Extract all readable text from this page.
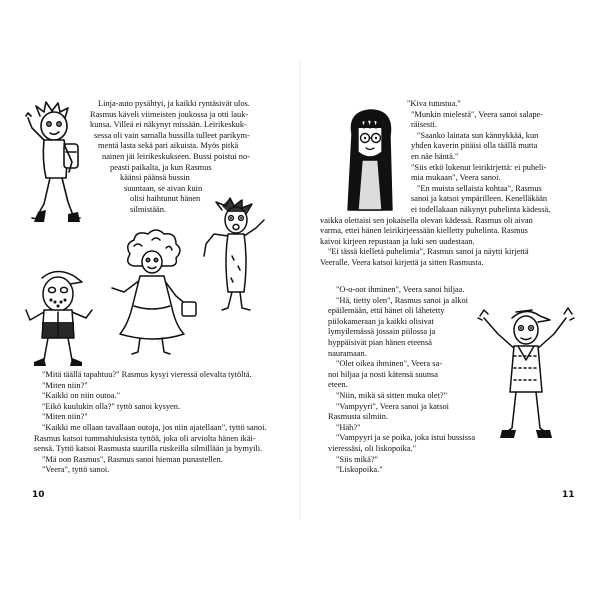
Linja-auto pysähtyi, ja kaikki ryntäsivät ulos.

Rasmus käveli viimeisten joukossa ja otti lauk-

kunsa. Villeä ei näkynyt missään. Leirikeskuk-

sessa oli vain samalla bussilla tulleet parikym-

mentä lasta sekä pari aikuista. Myös pitkä

nainen jäi leirikeskukseen. Bussi poistui no-

peasti paikalta, ja kun Rasmus

käänsi päänsä bussin

suuntaan, se aivan kuin

olisi haihtunut hänen

silmistään.

"Mitä täällä tapahtuu?" Rasmus kysyi vieressä olevalta tytöltä.

"Miten niin?"

"Kaikki on niin outoa."

"Eikö kuulukin olla?" tyttö sanoi kysyen.

"Miten niin?"

"Kaikki me ollaan tavallaan outoja, jos niin ajatellaan", tyttö sanoi.

Rasmus katsoi tummahiuksista tyttöä, joka oli arviolta hänen ikäi-

sensä. Tyttö katsoi Rasmusta suurilla ruskeilla silmillään ja hymyili.

"Mä oon Rasmus", Rasmus sanoi hieman punastellen.

"Veera", tyttö sanoi.

10

"Kiva tutustua."

"Munkin mielestä", Veera sanoi salape-

räisesti.

"Saanko lainata sun kännykkää, kun

yhden kaverin pitäisi olla täällä mutta

en näe häntä."

"Siis etkö lukenut leirikirjettä: ei puheli-

mia mukaan", Veera sanoi.

"En muista sellaista kohtaa", Rasmus

sanoi ja katsoi ympärilleen. Kenelläkään

ei todellakaan näkynyt puhelinta kädessä,

vaikka olettaisi sen jokaisella olevan kädessä. Rasmus oli aivan

varma, ettei hänen leirikirjeessään kielletty puhelinta. Rasmus

kaivoi kirjeen repustaan ja luki sen uudestaan.

"Ei tässä kielletä puhelimia", Rasmus sanoi ja näytti kirjettä

Veeralle. Veera katsoi kirjettä ja sitten Rasmusta.

"O-o-oot ihminen", Veera sanoi hiljaa.

"Hä, tietty olen", Rasmus sanoi ja alkoi

epäilemään, että hänet oli lähetetty

piilokameraan ja kaikki olisivat

lymyilemässä jossain piilossa ja

hyppäisivät pian hänen eteensä

nauramaan.

"Olet oikea ihminen", Veera sa-

noi hiljaa ja nosti kätensä suunsa

eteen.

"Niin, mikä sä sitten muka olet?"

"Vampyyri", Veera sanoi ja katsoi

Rasmusta silmiin.

"Häh?"

"Vampyyri ja se poika, joka istui bussissa

vieressäsi, oli liskopoika."

"Siis mikä?"

"Liskopoika."

11
